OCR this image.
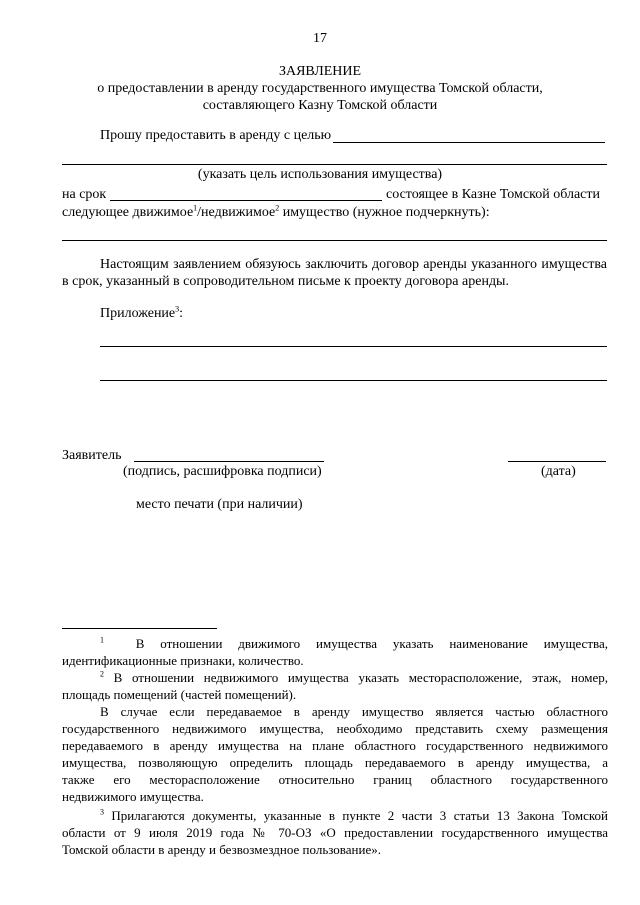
17
ЗАЯВЛЕНИЕ
о предоставлении в аренду государственного имущества Томской области,
составляющего Казну Томской области
Прошу предоставить в аренду с целью
(указать цель использования имущества)
на срок	состоящее в Казне Томской области
следующее движимое$^1$/недвижимое$^2$ имущество (нужное подчеркнуть):
Настоящим заявлением обязуюсь заключить договор аренды указанного имущества
в срок, указанный в сопроводительном письме к проекту договора аренды.
Приложение$^3$:
Заявитель
(подпись, расшифровка подписи)	(дата)
место печати (при наличии)
$^1$ В отношении движимого имущества указать наименование имущества,
идентификационные признаки, количество.
$^2$ В отношении недвижимого имущества указать месторасположение, этаж, номер,
площадь помещений (частей помещений).
В случае если передаваемое в аренду имущество является частью областного
государственного недвижимого имущества, необходимо представить схему размещения
передаваемого в аренду имущества на плане областного государственного недвижимого
имущества, позволяющую определить площадь передаваемого в аренду имущества, а
также его месторасположение относительно границ областного государственного
недвижимого имущества.
$^3$ Прилагаются документы, указанные в пункте 2 части 3 статьи 13 Закона Томской
области от 9 июля 2019 года № 70-ОЗ «О предоставлении государственного имущества
Томской области в аренду и безвозмездное пользование».
